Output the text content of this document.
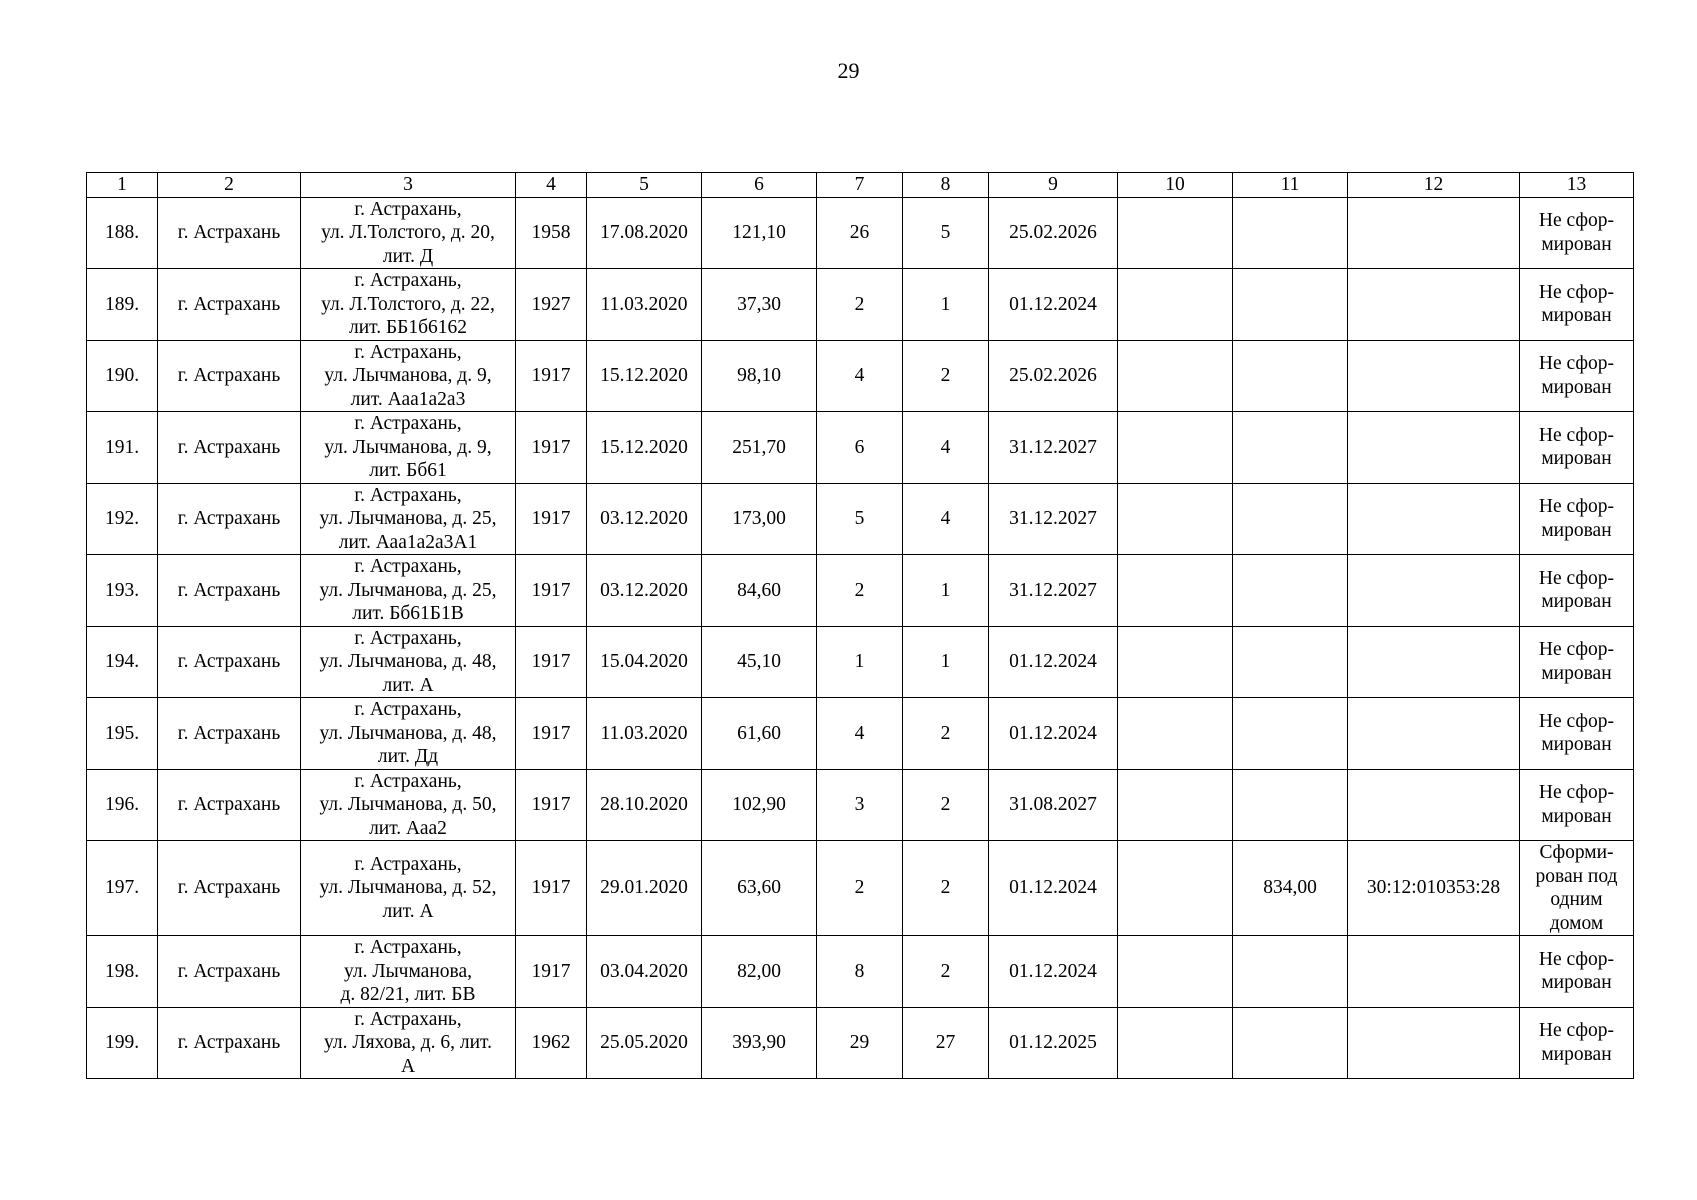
29
1	2	3	4	5	6	7	8	9	10	11	12	13
188.	г. Астрахань	г. Астрахань,
ул. Л.Толстого, д. 20,
лит. Д	1958	17.08.2020	121,10	26	5	25.02.2026				Не сфор-
мирован
189.	г. Астрахань	г. Астрахань,
ул. Л.Толстого, д. 22,
лит. ББ1б6162	1927	11.03.2020	37,30	2	1	01.12.2024				Не сфор-
мирован
190.	г. Астрахань	г. Астрахань,
ул. Лычманова, д. 9,
лит. Ааа1а2а3	1917	15.12.2020	98,10	4	2	25.02.2026				Не сфор-
мирован
191.	г. Астрахань	г. Астрахань,
ул. Лычманова, д. 9,
лит. Бб61	1917	15.12.2020	251,70	6	4	31.12.2027				Не сфор-
мирован
192.	г. Астрахань	г. Астрахань,
ул. Лычманова, д. 25,
лит. Ааа1а2а3А1	1917	03.12.2020	173,00	5	4	31.12.2027				Не сфор-
мирован
193.	г. Астрахань	г. Астрахань,
ул. Лычманова, д. 25,
лит. Бб61Б1В	1917	03.12.2020	84,60	2	1	31.12.2027				Не сфор-
мирован
194.	г. Астрахань	г. Астрахань,
ул. Лычманова, д. 48,
лит. А	1917	15.04.2020	45,10	1	1	01.12.2024				Не сфор-
мирован
195.	г. Астрахань	г. Астрахань,
ул. Лычманова, д. 48,
лит. Дд	1917	11.03.2020	61,60	4	2	01.12.2024				Не сфор-
мирован
196.	г. Астрахань	г. Астрахань,
ул. Лычманова, д. 50,
лит. Ааа2	1917	28.10.2020	102,90	3	2	31.08.2027				Не сфор-
мирован
197.	г. Астрахань	г. Астрахань,
ул. Лычманова, д. 52,
лит. А	1917	29.01.2020	63,60	2	2	01.12.2024		834,00	30:12:010353:28	Сформи-
рован под
одним
домом
198.	г. Астрахань	г. Астрахань,
ул. Лычманова,
д. 82/21, лит. БВ	1917	03.04.2020	82,00	8	2	01.12.2024				Не сфор-
мирован
199.	г. Астрахань	г. Астрахань,
ул. Ляхова, д. 6, лит.
А	1962	25.05.2020	393,90	29	27	01.12.2025				Не сфор-
мирован
